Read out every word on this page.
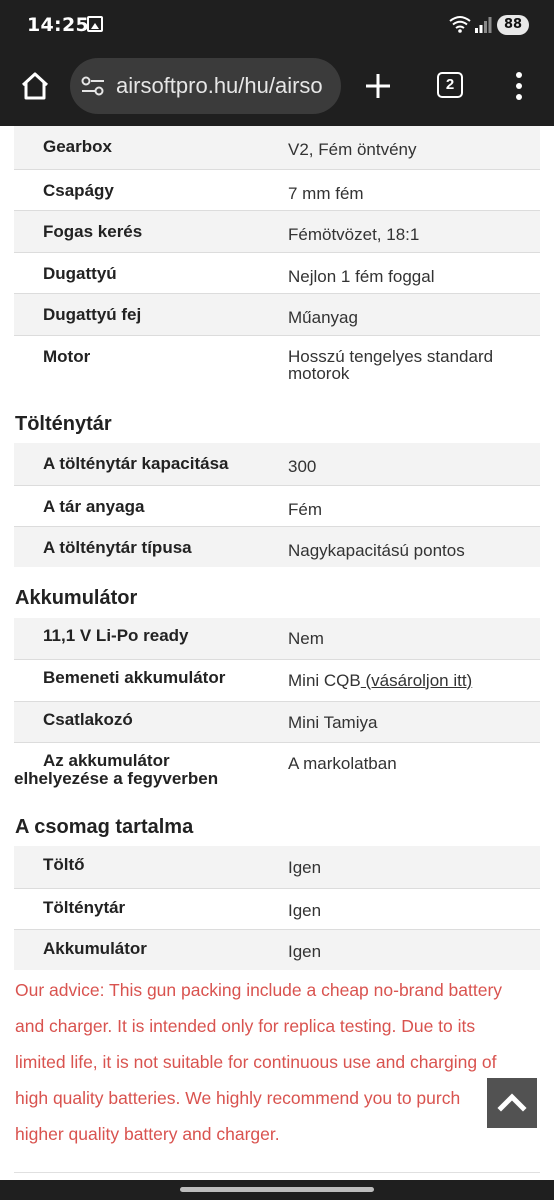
14:25	88
airsoftpro.hu/hu/airso	2
Gearbox	V2, Fém öntvény

Csapágy	7 mm fém

Fogas kerés	Fémötvözet, 18:1

Dugattyú	Nejlon 1 fém foggal

Dugattyú fej	Műanyag

Motor	Hosszú tengelyes standard
motorok
Tölténytár
A tölténytár kapacitása	300

A tár anyaga	Fém

A tölténytár típusa	Nagykapacitású pontos
Akkumulátor
11,1 V Li-Po ready	Nem

Bemeneti akkumulátor	Mini CQB (vásároljon itt)

Csatlakozó	Mini Tamiya

Az akkumulátor
elhelyezése a fegyverben	A markolatban
A csomag tartalma
Töltő	Igen

Tölténytár	Igen

Akkumulátor	Igen
Our advice: This gun packing include a cheap no-brand battery
and charger. It is intended only for replica testing. Due to its
limited life, it is not suitable for continuous use and charging of
high quality batteries. We highly recommend you to purch
higher quality battery and charger.
